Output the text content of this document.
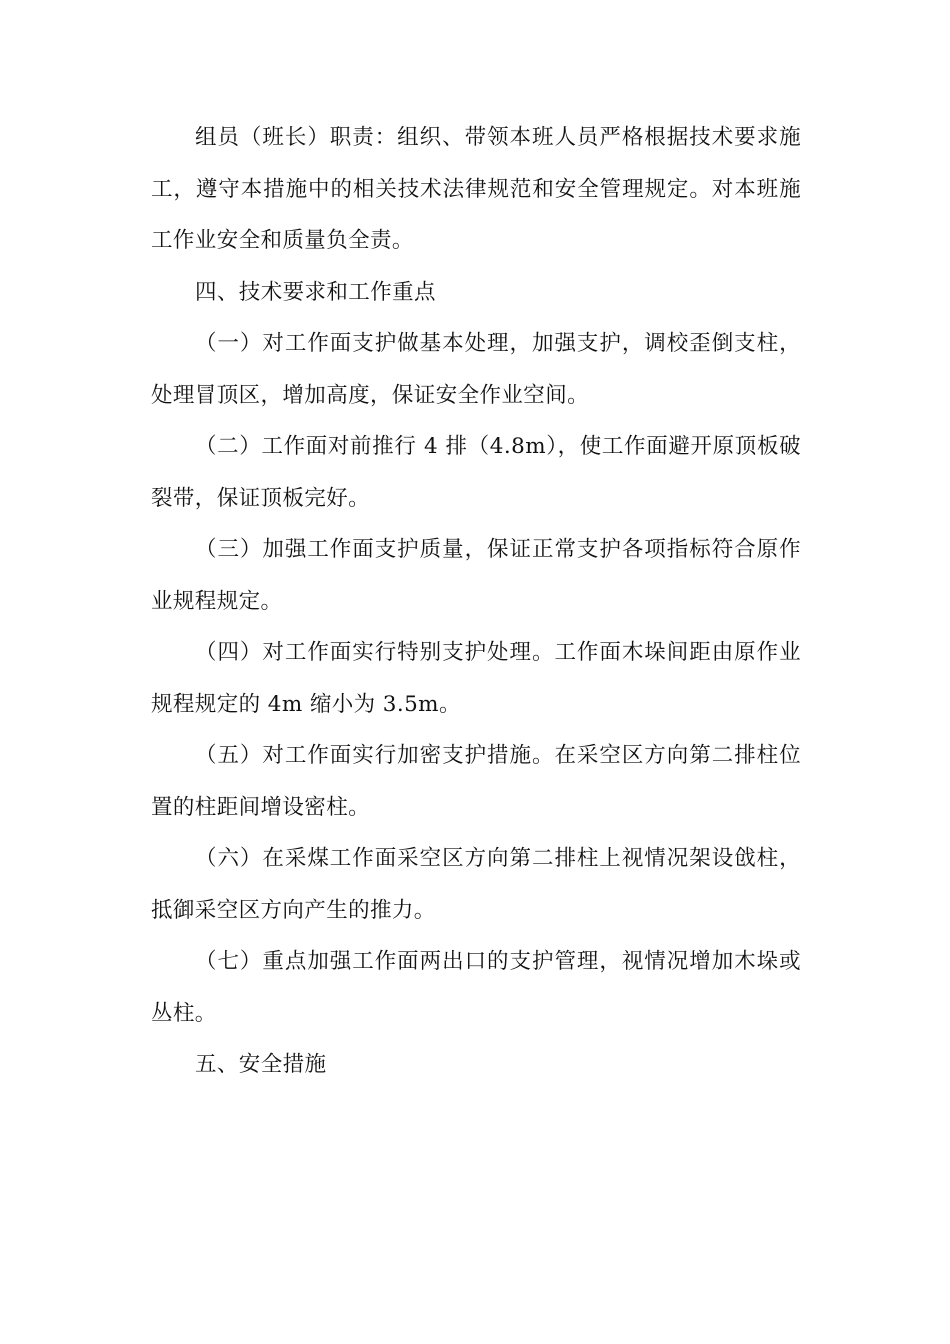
组员（班长）职责：组织、带领本班人员严格根据技术要求施工，遵守本措施中的相关技术法律规范和安全管理规定。对本班施工作业安全和质量负全责。

四、技术要求和工作重点

（一）对工作面支护做基本处理，加强支护，调校歪倒支柱，处理冒顶区，增加高度，保证安全作业空间。

（二）工作面对前推行 4 排（4.8m），使工作面避开原顶板破裂带，保证顶板完好。

（三）加强工作面支护质量，保证正常支护各项指标符合原作业规程规定。

（四）对工作面实行特别支护处理。工作面木垛间距由原作业规程规定的 4m 缩小为 3.5m。

（五）对工作面实行加密支护措施。在采空区方向第二排柱位置的柱距间增设密柱。

（六）在采煤工作面采空区方向第二排柱上视情况架设戗柱，抵御采空区方向产生的推力。

（七）重点加强工作面两出口的支护管理，视情况增加木垛或丛柱。

五、安全措施
